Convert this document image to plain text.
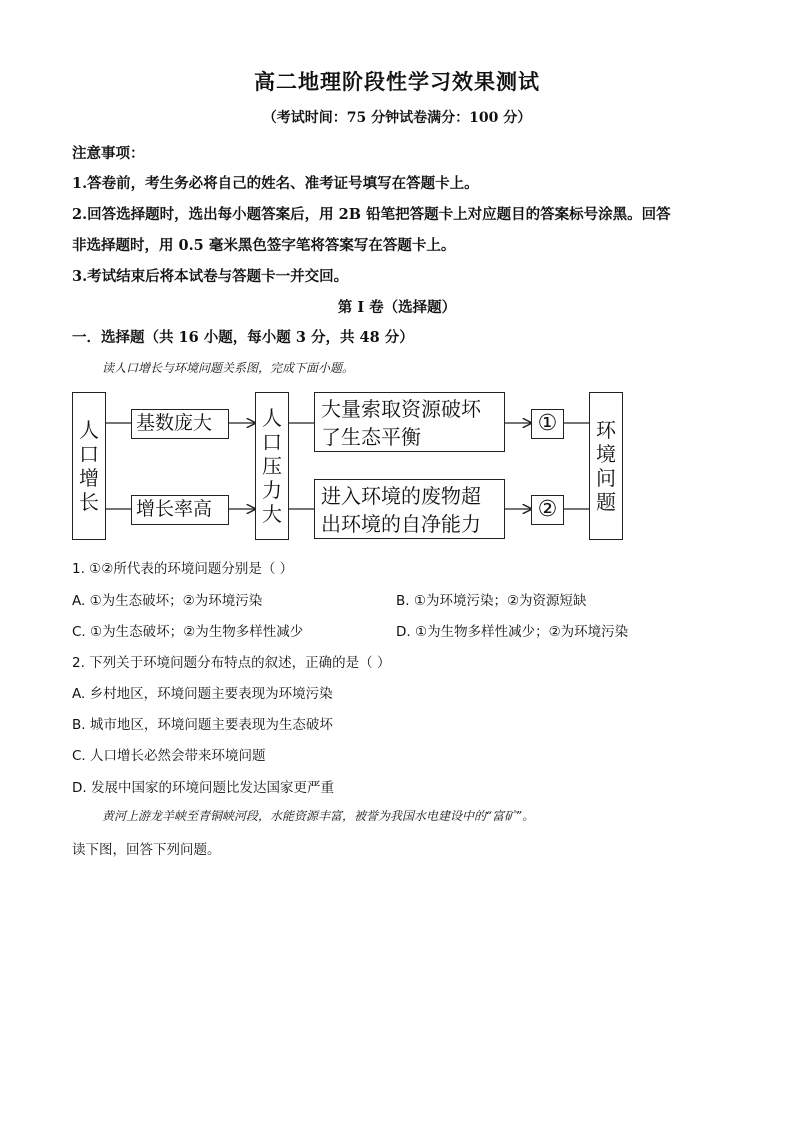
高二地理阶段性学习效果测试
（考试时间：75 分钟试卷满分：100 分）
注意事项：
1.答卷前，考生务必将自己的姓名、准考证号填写在答题卡上。
2.回答选择题时，选出每小题答案后，用 2B 铅笔把答题卡上对应题目的答案标号涂黑。回答
非选择题时，用 0.5 毫米黑色签字笔将答案写在答题卡上。
3.考试结束后将本试卷与答题卡一并交回。
第 I 卷（选择题）
一．选择题（共 16 小题，每小题 3 分，共 48 分）
读人口增长与环境问题关系图，完成下面小题。
人
口
增
长
基数庞大
增长率高
人
口
压
力
大
大量索取资源破坏
了生态平衡
进入环境的废物超
出环境的自净能力
①
②
环
境
问
题
1. ①②所代表的环境问题分别是（ ）
A. ①为生态破坏；②为环境污染	B. ①为环境污染；②为资源短缺
C. ①为生态破坏；②为生物多样性减少	D. ①为生物多样性减少；②为环境污染
2. 下列关于环境问题分布特点的叙述，正确的是（ ）
A. 乡村地区，环境问题主要表现为环境污染
B. 城市地区，环境问题主要表现为生态破坏
C. 人口增长必然会带来环境问题
D. 发展中国家的环境问题比发达国家更严重
黄河上游龙羊峡至青铜峡河段，水能资源丰富，被誉为我国水电建设中的“富矿”。
读下图，回答下列问题。
